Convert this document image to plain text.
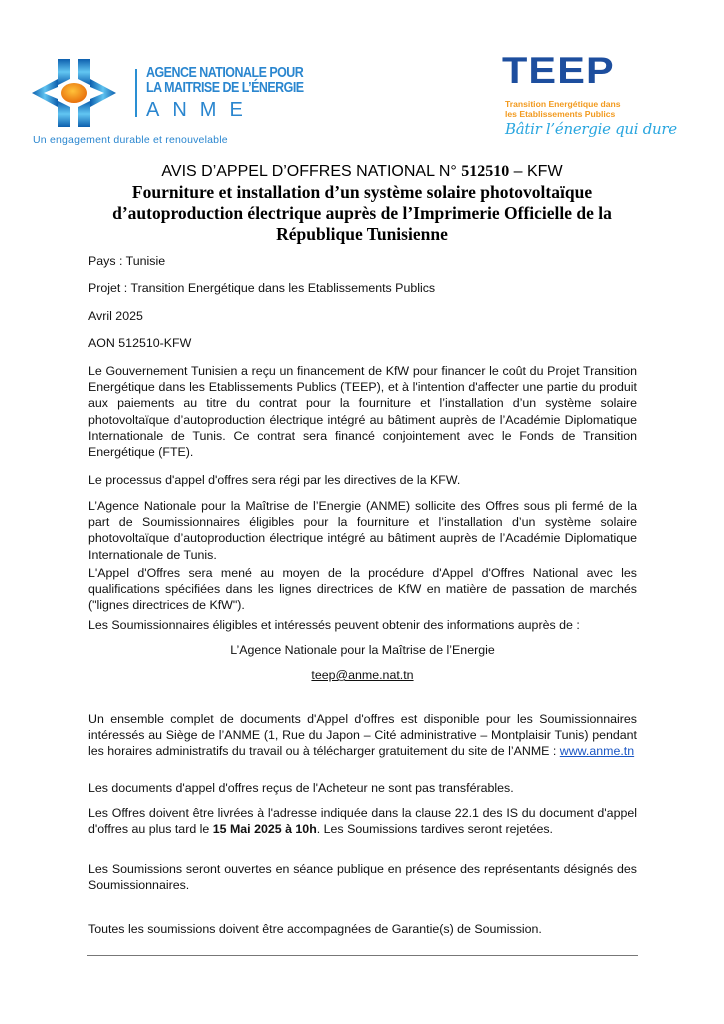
AGENCE NATIONALE POUR
LA MAITRISE DE L’ÉNERGIE
ANME
Un engagement durable et renouvelable
TEEP
Transition Energétique dans
les Etablissements Publics
Bâtir l’énergie qui dure
AVIS D’APPEL D’OFFRES NATIONAL N° 512510 – KFW
Fourniture et installation d’un système solaire photovoltaïque
d’autoproduction électrique auprès de l’Imprimerie Officielle de la
République Tunisienne
Pays : Tunisie
Projet : Transition Energétique dans les Etablissements Publics
Avril 2025
AON 512510-KFW
Le Gouvernement Tunisien a reçu un financement de KfW pour financer le coût du Projet Transition Energétique dans les Etablissements Publics (TEEP), et à l'intention d'affecter une partie du produit aux paiements au titre du contrat pour la fourniture et l’installation d’un système solaire photovoltaïque d’autoproduction électrique intégré au bâtiment auprès de l’Académie Diplomatique Internationale de Tunis. Ce contrat sera financé conjointement avec le Fonds de Transition Energétique (FTE).
Le processus d'appel d'offres sera régi par les directives de la KFW.
L’Agence Nationale pour la Maîtrise de l’Energie (ANME) sollicite des Offres sous pli fermé de la part de Soumissionnaires éligibles pour la fourniture et l’installation d’un système solaire photovoltaïque d’autoproduction électrique intégré au bâtiment auprès de l’Académie Diplomatique Internationale de Tunis.
L'Appel d'Offres sera mené au moyen de la procédure d'Appel d'Offres National avec les qualifications spécifiées dans les lignes directrices de KfW en matière de passation de marchés ("lignes directrices de KfW").
Les Soumissionnaires éligibles et intéressés peuvent obtenir des informations auprès de :
L’Agence Nationale pour la Maîtrise de l’Energie
teep@anme.nat.tn
Un ensemble complet de documents d'Appel d'offres est disponible pour les Soumissionnaires intéressés au Siège de l’ANME (1, Rue du Japon – Cité administrative – Montplaisir Tunis) pendant les horaires administratifs du travail ou à télécharger gratuitement du site de l’ANME : www.anme.tn
Les documents d'appel d'offres reçus de l'Acheteur ne sont pas transférables.
Les Offres doivent être livrées à l'adresse indiquée dans la clause 22.1 des IS du document d'appel d'offres au plus tard le 15 Mai 2025 à 10h. Les Soumissions tardives seront rejetées.
Les Soumissions seront ouvertes en séance publique en présence des représentants désignés des Soumissionnaires.
Toutes les soumissions doivent être accompagnées de Garantie(s) de Soumission.
